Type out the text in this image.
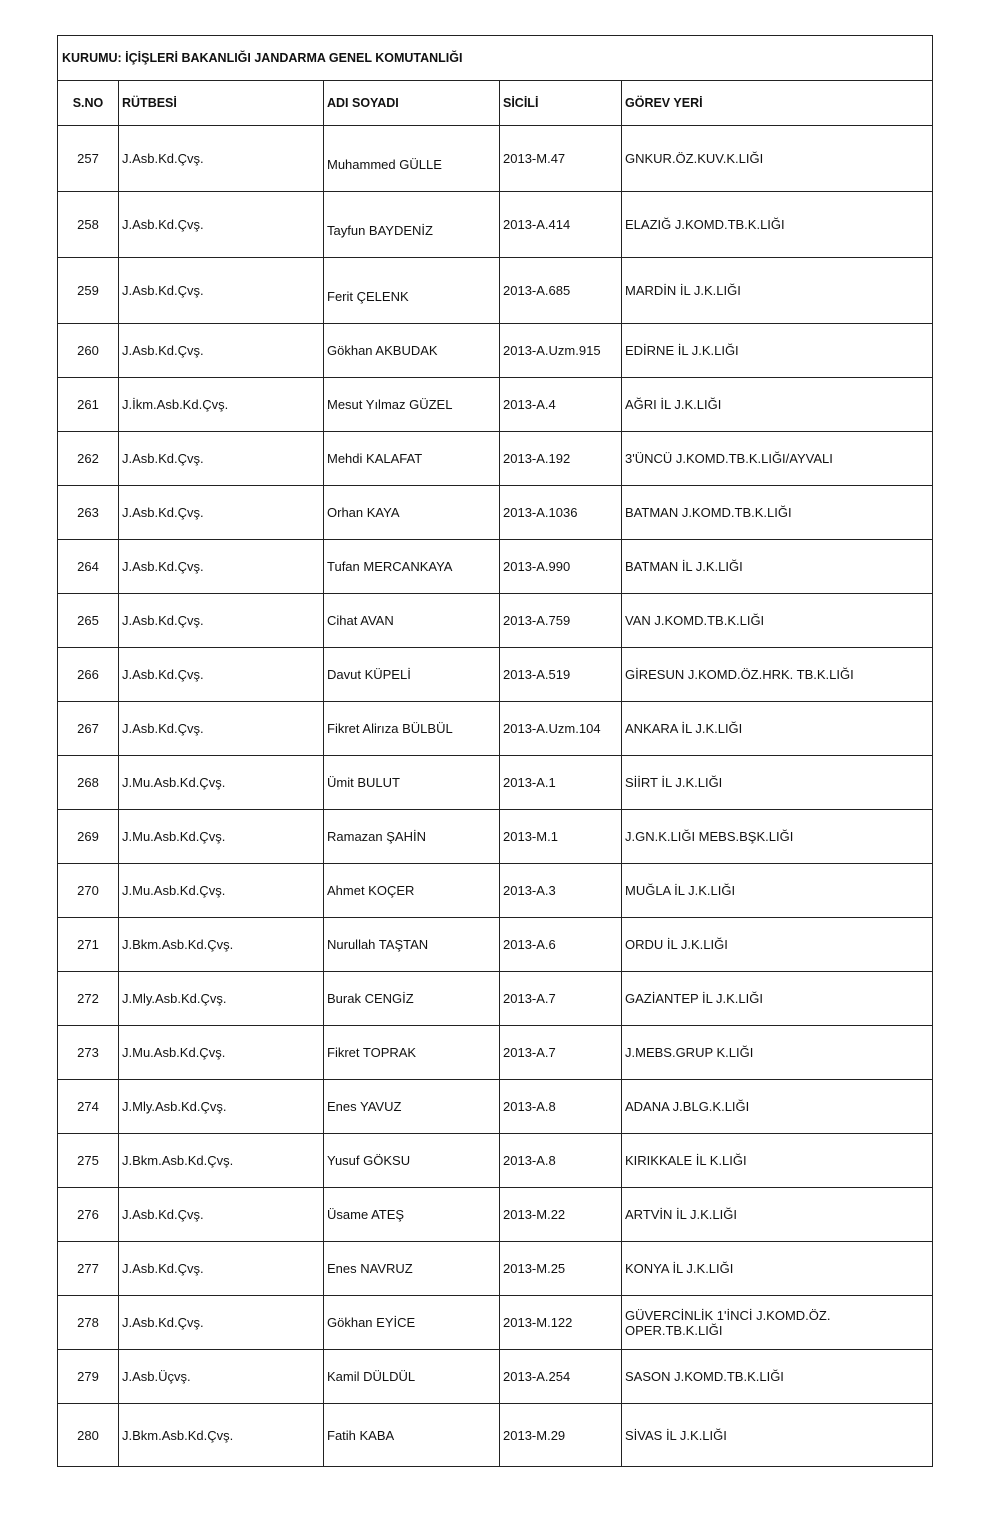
KURUMU: İÇİŞLERİ BAKANLIĞI JANDARMA GENEL KOMUTANLIĞI				
S.NO	RÜTBESİ	ADI SOYADI	SİCİLİ	GÖREV YERİ
257	J.Asb.Kd.Çvş.	Muhammed GÜLLE	2013-M.47	GNKUR.ÖZ.KUV.K.LIĞI
258	J.Asb.Kd.Çvş.	Tayfun BAYDENİZ	2013-A.414	ELAZIĞ J.KOMD.TB.K.LIĞI
259	J.Asb.Kd.Çvş.	Ferit ÇELENK	2013-A.685	MARDİN İL J.K.LIĞI
260	J.Asb.Kd.Çvş.	Gökhan AKBUDAK	2013-A.Uzm.915	EDİRNE İL J.K.LIĞI
261	J.İkm.Asb.Kd.Çvş.	Mesut Yılmaz GÜZEL	2013-A.4	AĞRI İL J.K.LIĞI
262	J.Asb.Kd.Çvş.	Mehdi KALAFAT	2013-A.192	3'ÜNCÜ J.KOMD.TB.K.LIĞI/AYVALI
263	J.Asb.Kd.Çvş.	Orhan KAYA	2013-A.1036	BATMAN J.KOMD.TB.K.LIĞI
264	J.Asb.Kd.Çvş.	Tufan MERCANKAYA	2013-A.990	BATMAN İL J.K.LIĞI
265	J.Asb.Kd.Çvş.	Cihat AVAN	2013-A.759	VAN J.KOMD.TB.K.LIĞI
266	J.Asb.Kd.Çvş.	Davut KÜPELİ	2013-A.519	GİRESUN J.KOMD.ÖZ.HRK. TB.K.LIĞI
267	J.Asb.Kd.Çvş.	Fikret Alirıza BÜLBÜL	2013-A.Uzm.104	ANKARA İL J.K.LIĞI
268	J.Mu.Asb.Kd.Çvş.	Ümit BULUT	2013-A.1	SİİRT İL J.K.LIĞI
269	J.Mu.Asb.Kd.Çvş.	Ramazan ŞAHİN	2013-M.1	J.GN.K.LIĞI MEBS.BŞK.LIĞI
270	J.Mu.Asb.Kd.Çvş.	Ahmet KOÇER	2013-A.3	MUĞLA İL J.K.LIĞI
271	J.Bkm.Asb.Kd.Çvş.	Nurullah TAŞTAN	2013-A.6	ORDU İL J.K.LIĞI
272	J.Mly.Asb.Kd.Çvş.	Burak CENGİZ	2013-A.7	GAZİANTEP İL J.K.LIĞI
273	J.Mu.Asb.Kd.Çvş.	Fikret TOPRAK	2013-A.7	J.MEBS.GRUP K.LIĞI
274	J.Mly.Asb.Kd.Çvş.	Enes YAVUZ	2013-A.8	ADANA J.BLG.K.LIĞI
275	J.Bkm.Asb.Kd.Çvş.	Yusuf GÖKSU	2013-A.8	KIRIKKALE İL K.LIĞI
276	J.Asb.Kd.Çvş.	Üsame ATEŞ	2013-M.22	ARTVİN İL J.K.LIĞI
277	J.Asb.Kd.Çvş.	Enes NAVRUZ	2013-M.25	KONYA İL J.K.LIĞI
278	J.Asb.Kd.Çvş.	Gökhan EYİCE	2013-M.122	GÜVERCİNLİK 1'İNCİ J.KOMD.ÖZ. OPER.TB.K.LIĞI
279	J.Asb.Üçvş.	Kamil DÜLDÜL	2013-A.254	SASON J.KOMD.TB.K.LIĞI
280	J.Bkm.Asb.Kd.Çvş.	Fatih KABA	2013-M.29	SİVAS İL J.K.LIĞI
